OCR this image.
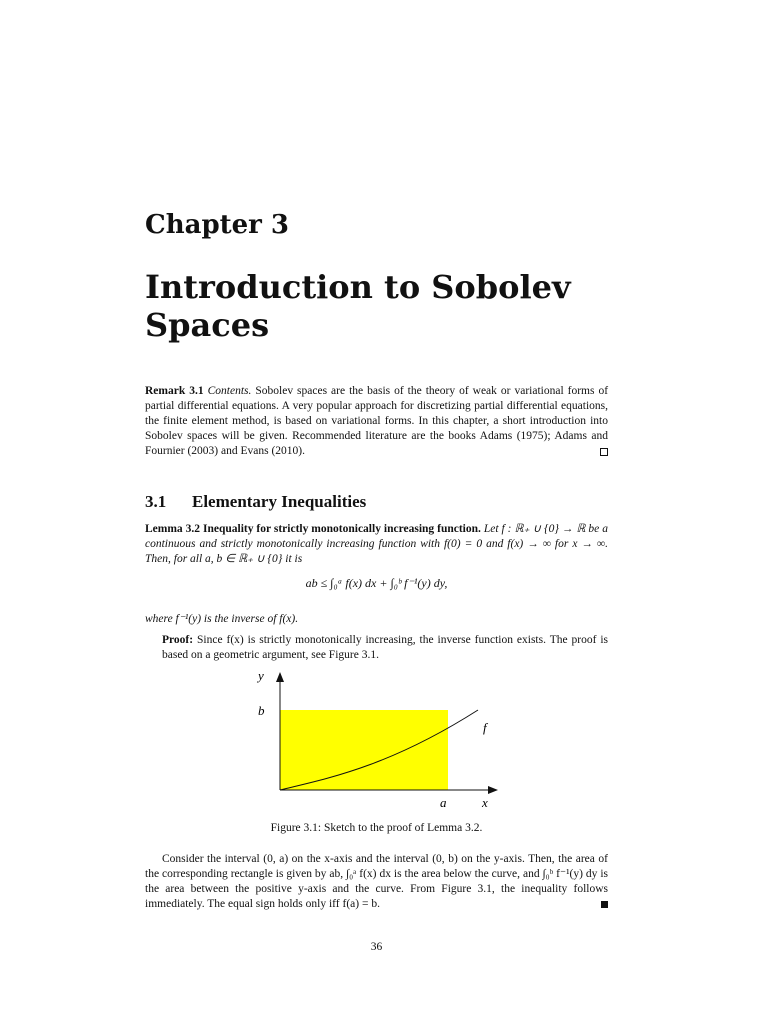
Chapter 3
Introduction to Sobolev Spaces
Remark 3.1 Contents. Sobolev spaces are the basis of the theory of weak or variational forms of partial differential equations. A very popular approach for discretizing partial differential equations, the finite element method, is based on variational forms. In this chapter, a short introduction into Sobolev spaces will be given. Recommended literature are the books Adams (1975); Adams and Fournier (2003) and Evans (2010).
3.1 Elementary Inequalities
Lemma 3.2 Inequality for strictly monotonically increasing function. Let f : ℝ₊ ∪ {0} → ℝ be a continuous and strictly monotonically increasing function with f(0) = 0 and f(x) → ∞ for x → ∞. Then, for all a, b ∈ ℝ₊ ∪ {0} it is
ab ≤ ∫₀ᵃ f(x) dx + ∫₀ᵇ f⁻¹(y) dy,
where f⁻¹(y) is the inverse of f(x).
Proof: Since f(x) is strictly monotonically increasing, the inverse function exists. The proof is based on a geometric argument, see Figure 3.1.
y
b
f
a	x
Figure 3.1: Sketch to the proof of Lemma 3.2.
Consider the interval (0, a) on the x-axis and the interval (0, b) on the y-axis. Then, the area of the corresponding rectangle is given by ab, ∫₀ᵃ f(x) dx is the area below the curve, and ∫₀ᵇ f⁻¹(y) dy is the area between the positive y-axis and the curve. From Figure 3.1, the inequality follows immediately. The equal sign holds only iff f(a) = b.
36
